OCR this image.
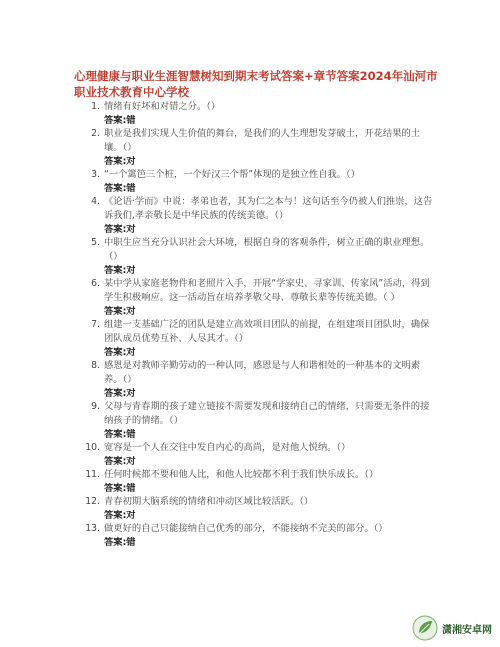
心理健康与职业生涯智慧树知到期末考试答案+章节答案2024年汕河市职业技术教育中心学校
1. 情绪有好坏和对错之分。（）
答案:错
2. 职业是我们实现人生价值的舞台，是我们的人生理想发芽破土，开花结果的土壤。（）
答案:对
3. “一个篱笆三个桩，一个好汉三个帮”体现的是独立性自我。（）
答案:错
4. 《论语·学而》中说：孝弟也者，其为仁之本与！这句话至今仍被人们推崇，这告诉我们,孝亲敬长是中华民族的传统美德。（）
答案:对
5. 中职生应当充分认识社会大环境，根据自身的客观条件，树立正确的职业理想。（）
答案:对
6. 某中学从家庭老物件和老照片入手，开展“学家史、寻家训、传家风”活动，得到学生积极响应。这一活动旨在培养孝敬父母、尊敬长辈等传统美德。（ ）
答案:对
7. 组建一支基础广泛的团队是建立高效项目团队的前提，在组建项目团队时，确保团队成员优势互补、人尽其才。（）
答案:对
8. 感恩是对教师辛勤劳动的一种认同，感恩是与人和谐相处的一种基本的文明素养。（）
答案:对
9. 父母与青春期的孩子建立链接不需要发现和接纳自己的情绪，只需要无条件的接纳孩子的情绪。（）
答案:错
10. 宽容是一个人在交往中发自内心的高尚，是对他人悦纳。（）
答案:对
11. 任何时候都不要和他人比，和他人比较都不利于我们快乐成长。（）
答案:错
12. 青春初期大脑系统的情绪和冲动区域比较活跃。（）
答案:对
13. 做更好的自己只能接纳自己优秀的部分，不能接纳不完美的部分。（）
答案:错
潇湘安卓网
